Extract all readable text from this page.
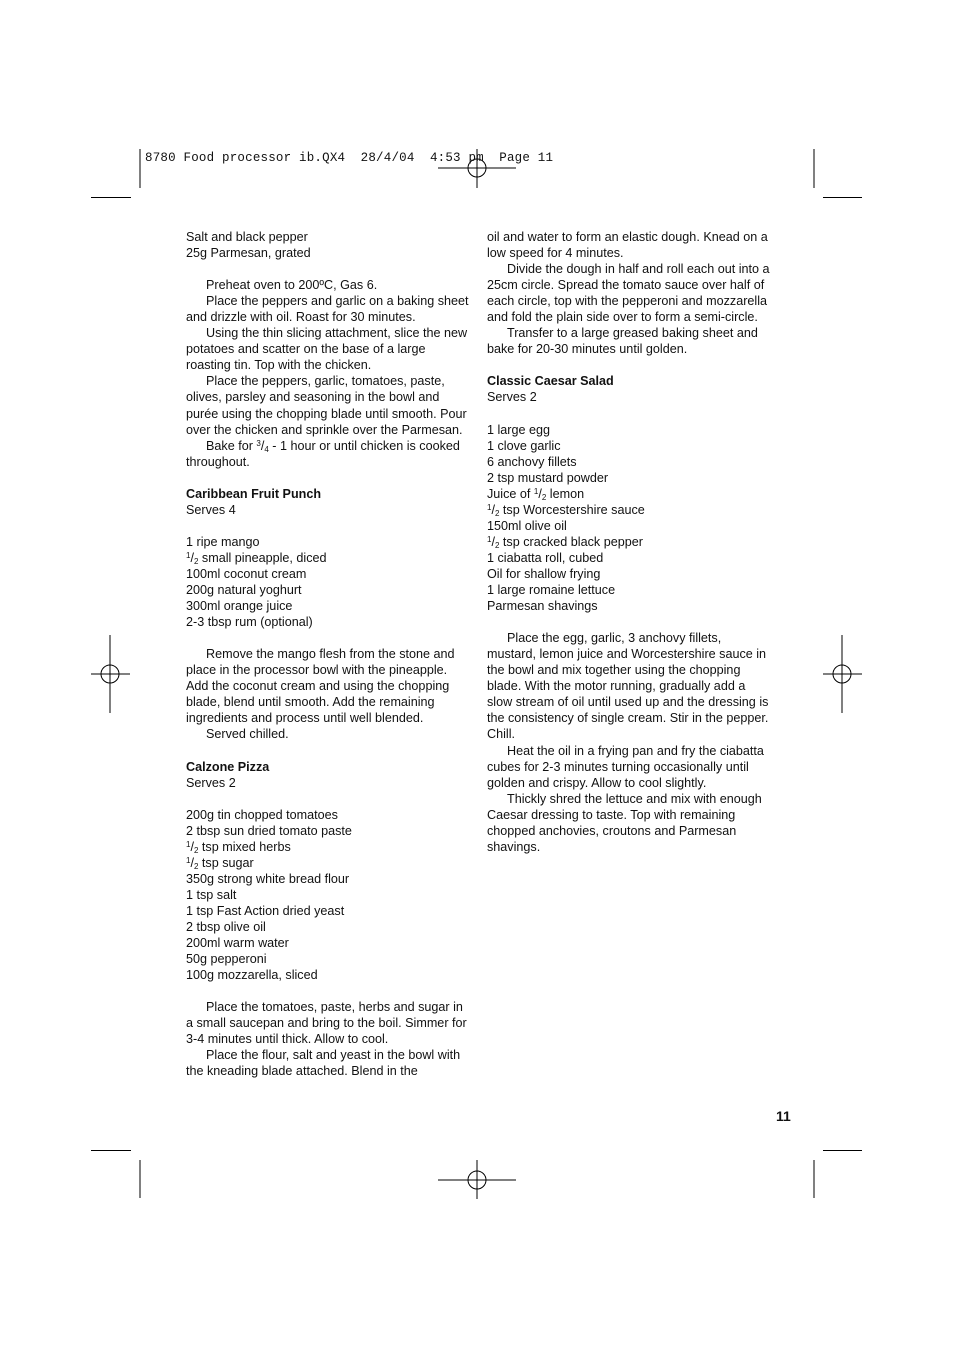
8780 Food processor ib.QX4  28/4/04  4:53 pm  Page 11

Salt and black pepper

25g Parmesan, grated

Preheat oven to 200ºC, Gas 6.

Place the peppers and garlic on a baking sheet and drizzle with oil. Roast for 30 minutes.

Using the thin slicing attachment, slice the new potatoes and scatter on the base of a large roasting tin. Top with the chicken.

Place the peppers, garlic, tomatoes, paste, olives, parsley and seasoning in the bowl and purée using the chopping blade until smooth. Pour over the chicken and sprinkle over the Parmesan.

Bake for $^3/_4 - 1$ hour or until chicken is cooked throughout.

Caribbean Fruit Punch

Serves 4

1 ripe mango

$^1/_2$ small pineapple, diced

100ml coconut cream

200g natural yoghurt

300ml orange juice

2-3 tbsp rum (optional)

Remove the mango flesh from the stone and place in the processor bowl with the pineapple. Add the coconut cream and using the chopping blade, blend until smooth. Add the remaining ingredients and process until well blended.

Served chilled.

Calzone Pizza

Serves 2

200g tin chopped tomatoes

2 tbsp sun dried tomato paste

$^1/_2$ tsp mixed herbs

$^1/_2$ tsp sugar

350g strong white bread flour

1 tsp salt

1 tsp Fast Action dried yeast

2 tbsp olive oil

200ml warm water

50g pepperoni

100g mozzarella, sliced

Place the tomatoes, paste, herbs and sugar in a small saucepan and bring to the boil. Simmer for 3-4 minutes until thick. Allow to cool.

Place the flour, salt and yeast in the bowl with the kneading blade attached. Blend in the

oil and water to form an elastic dough. Knead on a low speed for 4 minutes.

Divide the dough in half and roll each out into a 25cm circle. Spread the tomato sauce over half of each circle, top with the pepperoni and mozzarella and fold the plain side over to form a semi-circle.

Transfer to a large greased baking sheet and bake for 20-30 minutes until golden.

Classic Caesar Salad

Serves 2

1 large egg

1 clove garlic

6 anchovy fillets

2 tsp mustard powder

Juice of $^1/_2$ lemon

$^1/_2$ tsp Worcestershire sauce

150ml olive oil

$^1/_2$ tsp cracked black pepper

1 ciabatta roll, cubed

Oil for shallow frying

1 large romaine lettuce

Parmesan shavings

Place the egg, garlic, 3 anchovy fillets, mustard, lemon juice and Worcestershire sauce in the bowl and mix together using the chopping blade. With the motor running, gradually add a slow stream of oil until used up and the dressing is the consistency of single cream. Stir in the pepper. Chill.

Heat the oil in a frying pan and fry the ciabatta cubes for 2-3 minutes turning occasionally until golden and crispy. Allow to cool slightly.

Thickly shred the lettuce and mix with enough Caesar dressing to taste. Top with remaining chopped anchovies, croutons and Parmesan shavings.

11
